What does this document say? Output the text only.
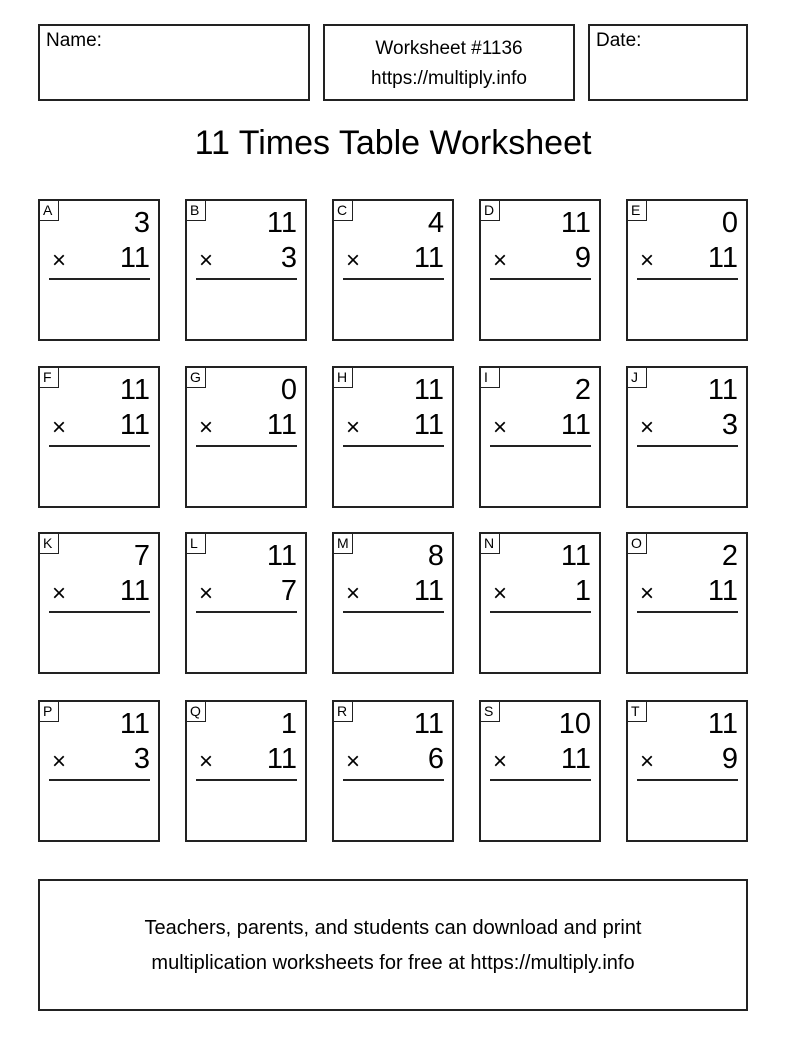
Name:	Worksheet #1136
https://multiply.info
Date:
11 Times Table Worksheet
A	3
× 11
B 11
× 3
C	4
× 11
D 11
× 9
E	0
× 11
F 11
× 11
G	0
× 11
H 11
× 11
I	2
× 11
J	11
× 3
K	7
× 11
L 11
× 7
M	8
× 11
N 11
× 1
O	2
× 11
P 11
× 3
Q	1
× 11
R 11
× 6
S 10
× 11
T 11
× 9
Teachers, parents, and students can download and print
multiplication worksheets for free at https://multiply.info
